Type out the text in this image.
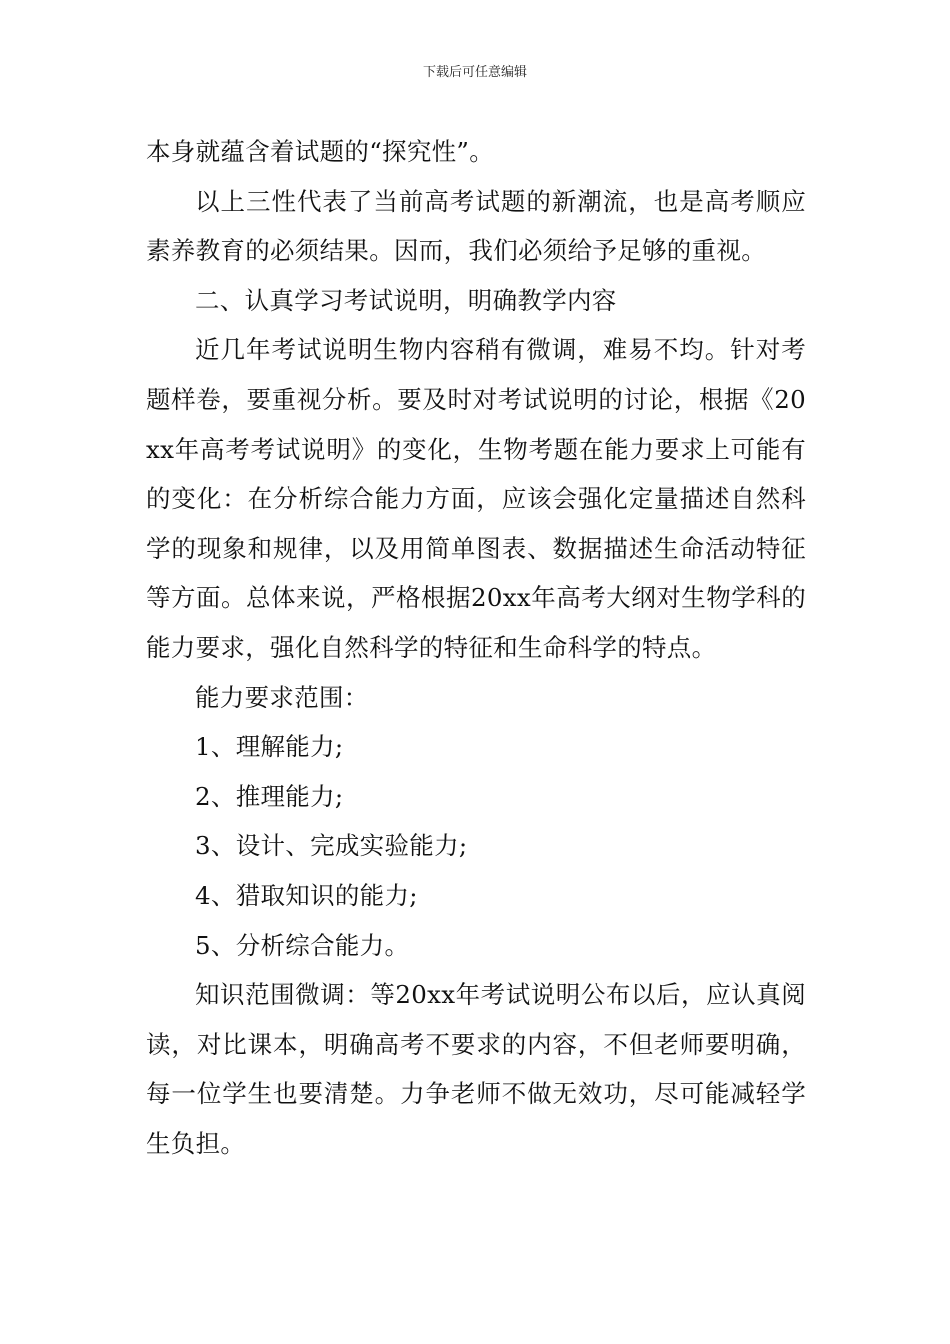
下载后可任意编辑

本身就蕴含着试题的“探究性”。

以上三性代表了当前高考试题的新潮流，也是高考顺应素养教育的必须结果。因而，我们必须给予足够的重视。

二、认真学习考试说明，明确教学内容

近几年考试说明生物内容稍有微调，难易不均。针对考题样卷，要重视分析。要及时对考试说明的讨论，根据《20xx年高考考试说明》的变化，生物考题在能力要求上可能有的变化：在分析综合能力方面，应该会强化定量描述自然科学的现象和规律，以及用简单图表、数据描述生命活动特征等方面。总体来说，严格根据20xx年高考大纲对生物学科的能力要求，强化自然科学的特征和生命科学的特点。

能力要求范围：

1、理解能力;

2、推理能力;

3、设计、完成实验能力;

4、猎取知识的能力;

5、分析综合能力。

知识范围微调：等20xx年考试说明公布以后，应认真阅读，对比课本，明确高考不要求的内容，不但老师要明确，每一位学生也要清楚。力争老师不做无效功，尽可能减轻学生负担。
